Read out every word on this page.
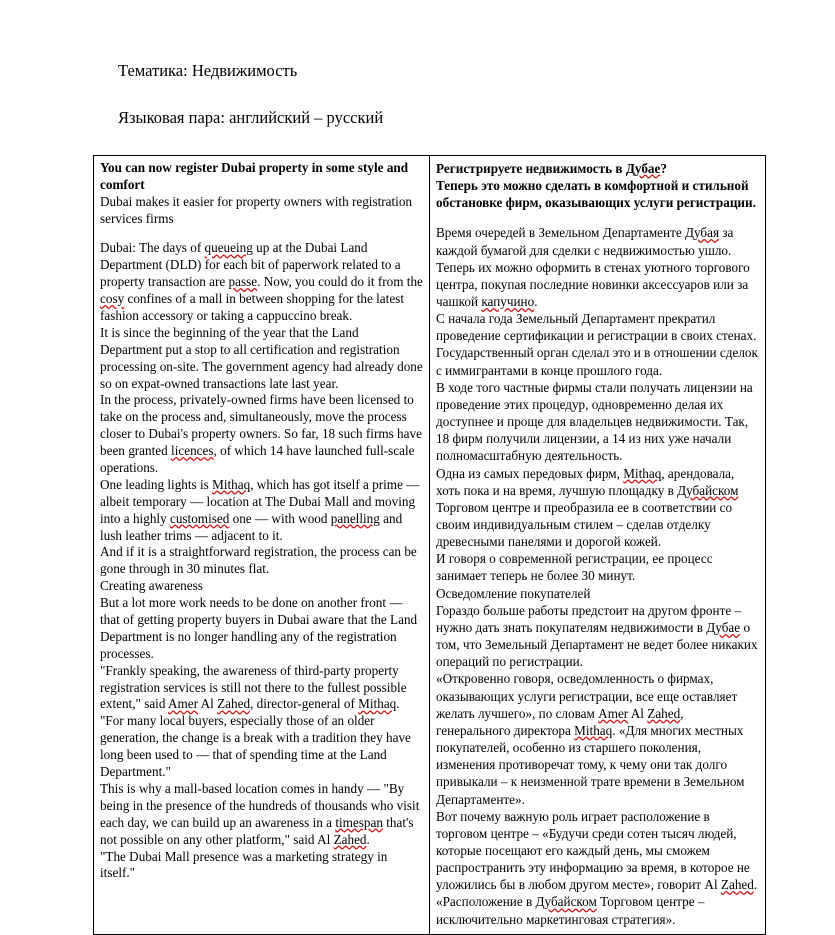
Тематика: Недвижимость
Языковая пара: английский – русский

You can now register Dubai property in some style and comfort

Dubai makes it easier for property owners with registration services firms

Dubai: The days of queueing up at the Dubai Land Department (DLD) for each bit of paperwork related to a property transaction are passe. Now, you could do it from the cosy confines of a mall in between shopping for the latest fashion accessory or taking a cappuccino break.

It is since the beginning of the year that the Land Department put a stop to all certification and registration processing on-site. The government agency had already done so on expat-owned transactions late last year.

In the process, privately-owned firms have been licensed to take on the process and, simultaneously, move the process closer to Dubai's property owners. So far, 18 such firms have been granted licences, of which 14 have launched full-scale operations.

One leading lights is Mithaq, which has got itself a prime — albeit temporary — location at The Dubai Mall and moving into a highly customised one — with wood panelling and lush leather trims — adjacent to it.

And if it is a straightforward registration, the process can be gone through in 30 minutes flat.

Creating awareness

But a lot more work needs to be done on another front — that of getting property buyers in Dubai aware that the Land Department is no longer handling any of the registration processes.

"Frankly speaking, the awareness of third-party property registration services is still not there to the fullest possible extent," said Amer Al Zahed, director-general of Mithaq.

"For many local buyers, especially those of an older generation, the change is a break with a tradition they have long been used to — that of spending time at the Land Department."

This is why a mall-based location comes in handy — "By being in the presence of the hundreds of thousands who visit each day, we can build up an awareness in a timespan that's not possible on any other platform," said Al Zahed.

"The Dubai Mall presence was a marketing strategy in itself."

Регистрируете недвижимость в Дубае?

Теперь это можно сделать в комфортной и стильной обстановке фирм, оказывающих услуги регистрации.

Время очередей в Земельном Департаменте Дубая за каждой бумагой для сделки с недвижимостью ушло. Теперь их можно оформить в стенах уютного торгового центра, покупая последние новинки аксессуаров или за чашкой капучино.

С начала года Земельный Департамент прекратил проведение сертификации и регистрации в своих стенах. Государственный орган сделал это и в отношении сделок с иммигрантами в конце прошлого года.

В ходе того частные фирмы стали получать лицензии на проведение этих процедур, одновременно делая их доступнее и проще для владельцев недвижимости. Так, 18 фирм получили лицензии, а 14 из них уже начали полномасштабную деятельность.

Одна из самых передовых фирм, Mithaq, арендовала, хоть пока и на время, лучшую площадку в Дубайском Торговом центре и преобразила ее в соответствии со своим индивидуальным стилем – сделав отделку древесными панелями и дорогой кожей.

И говоря о современной регистрации, ее процесс занимает теперь не более 30 минут.

Осведомление покупателей

Гораздо больше работы предстоит на другом фронте – нужно дать знать покупателям недвижимости в Дубае о том, что Земельный Департамент не ведет более никаких операций по регистрации.

«Откровенно говоря, осведомленность о фирмах, оказывающих услуги регистрации, все еще оставляет желать лучшего», по словам Amer Al Zahed, генерального директора Mithaq. «Для многих местных покупателей, особенно из старшего поколения, изменения противоречат тому, к чему они так долго привыкали – к неизменной трате времени в Земельном Департаменте».

Вот почему важную роль играет расположение в торговом центре – «Будучи среди сотен тысяч людей, которые посещают его каждый день, мы сможем распространить эту информацию за время, в которое не уложились бы в любом другом месте», говорит Al Zahed.

«Расположение в Дубайском Торговом центре – исключительно маркетинговая стратегия».
